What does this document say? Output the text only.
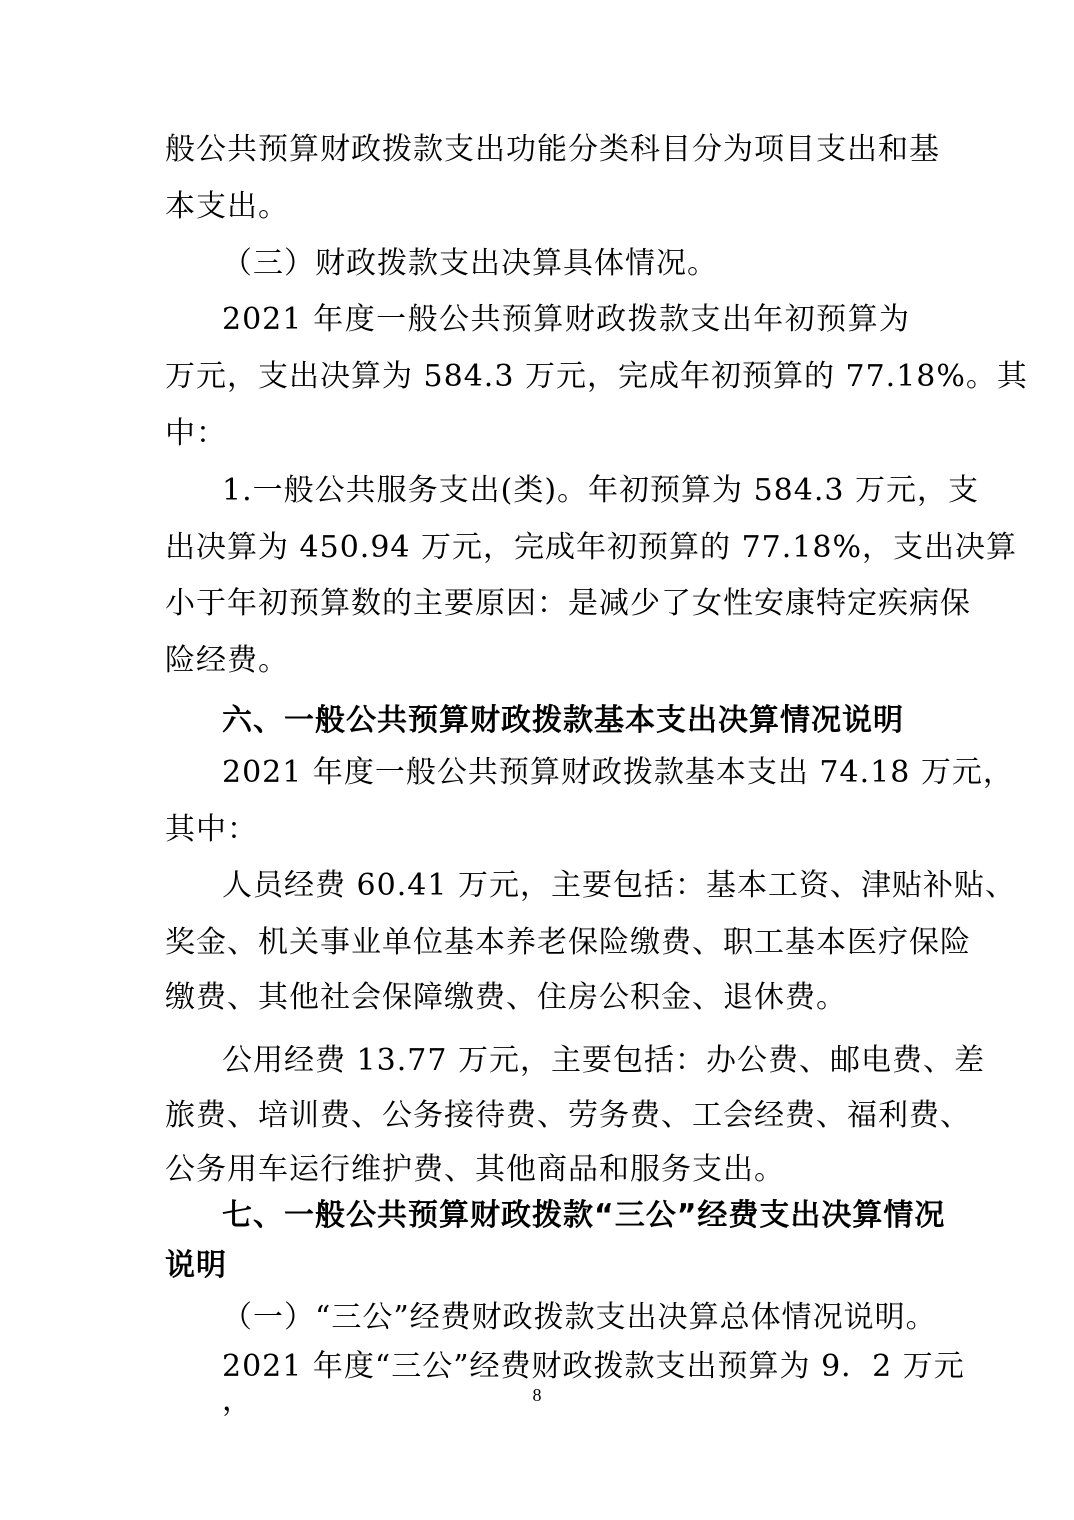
般公共预算财政拨款支出功能分类科目分为项目支出和基
本支出。
（三）财政拨款支出决算具体情况。
2021 年度一般公共预算财政拨款支出年初预算为
万元，支出决算为 584.3 万元，完成年初预算的 77.18%。其
中：
1.一般公共服务支出(类)。年初预算为 584.3 万元，支
出决算为 450.94 万元，完成年初预算的 77.18%，支出决算
小于年初预算数的主要原因：是减少了女性安康特定疾病保
险经费。
六、一般公共预算财政拨款基本支出决算情况说明
2021 年度一般公共预算财政拨款基本支出 74.18 万元，
其中：
人员经费 60.41 万元，主要包括：基本工资、津贴补贴、
奖金、机关事业单位基本养老保险缴费、职工基本医疗保险
缴费、其他社会保障缴费、住房公积金、退休费。
公用经费 13.77 万元，主要包括：办公费、邮电费、差
旅费、培训费、公务接待费、劳务费、工会经费、福利费、
公务用车运行维护费、其他商品和服务支出。
七、一般公共预算财政拨款“三公”经费支出决算情况
说明
（一）“三公”经费财政拨款支出决算总体情况说明。
2021 年度“三公”经费财政拨款支出预算为 9．2 万元
，	8
